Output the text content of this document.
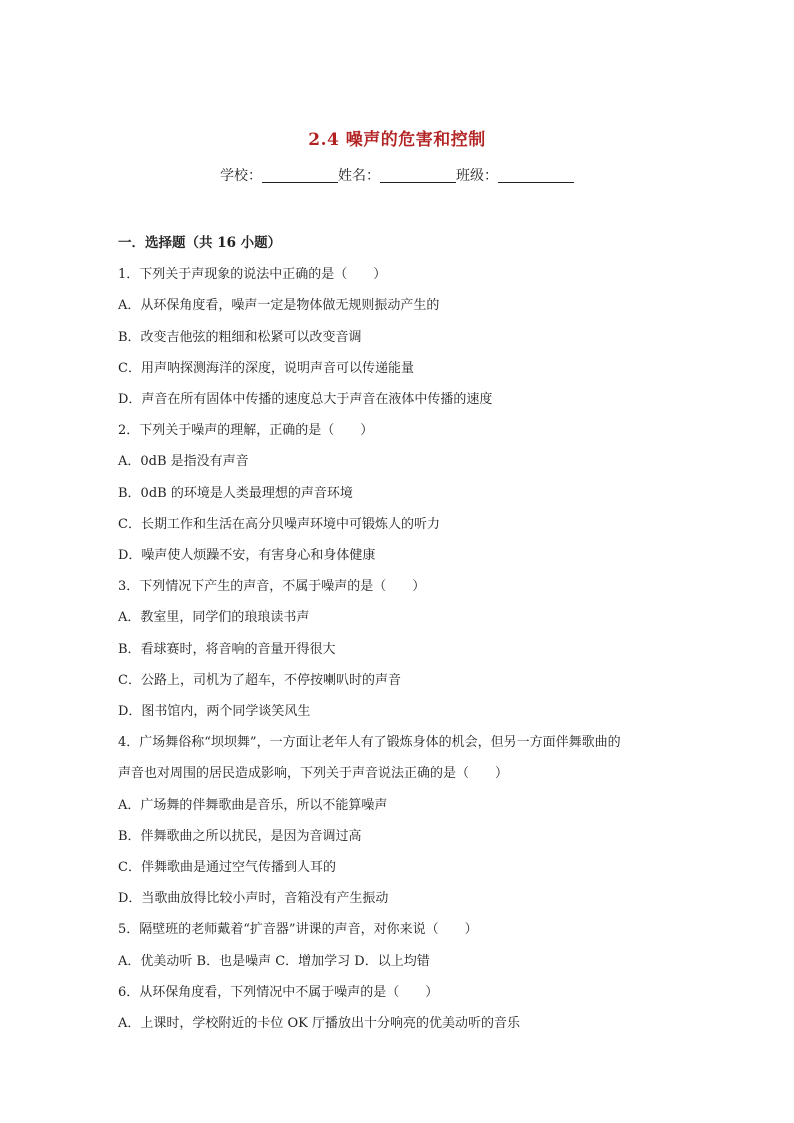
2.4 噪声的危害和控制
学校：	姓名：	班级：
一．选择题（共 16 小题）
1．下列关于声现象的说法中正确的是（　　）
A．从环保角度看，噪声一定是物体做无规则振动产生的
B．改变吉他弦的粗细和松紧可以改变音调
C．用声呐探测海洋的深度，说明声音可以传递能量
D．声音在所有固体中传播的速度总大于声音在液体中传播的速度
2．下列关于噪声的理解，正确的是（　　）
A．0dB 是指没有声音
B．0dB 的环境是人类最理想的声音环境
C．长期工作和生活在高分贝噪声环境中可锻炼人的听力
D．噪声使人烦躁不安，有害身心和身体健康
3．下列情况下产生的声音，不属于噪声的是（　　）
A．教室里，同学们的琅琅读书声
B．看球赛时，将音响的音量开得很大
C．公路上，司机为了超车，不停按喇叭时的声音
D．图书馆内，两个同学谈笑风生
4．广场舞俗称“坝坝舞”，一方面让老年人有了锻炼身体的机会，但另一方面伴舞歌曲的
声音也对周围的居民造成影响，下列关于声音说法正确的是（　　）
A．广场舞的伴舞歌曲是音乐，所以不能算噪声
B．伴舞歌曲之所以扰民，是因为音调过高
C．伴舞歌曲是通过空气传播到人耳的
D．当歌曲放得比较小声时，音箱没有产生振动
5．隔壁班的老师戴着“扩音器”讲课的声音，对你来说（　　）
A．优美动听 B．也是噪声 C．增加学习 D．以上均错
6．从环保角度看，下列情况中不属于噪声的是（　　）
A．上课时，学校附近的卡位 OK 厅播放出十分响亮的优美动听的音乐
